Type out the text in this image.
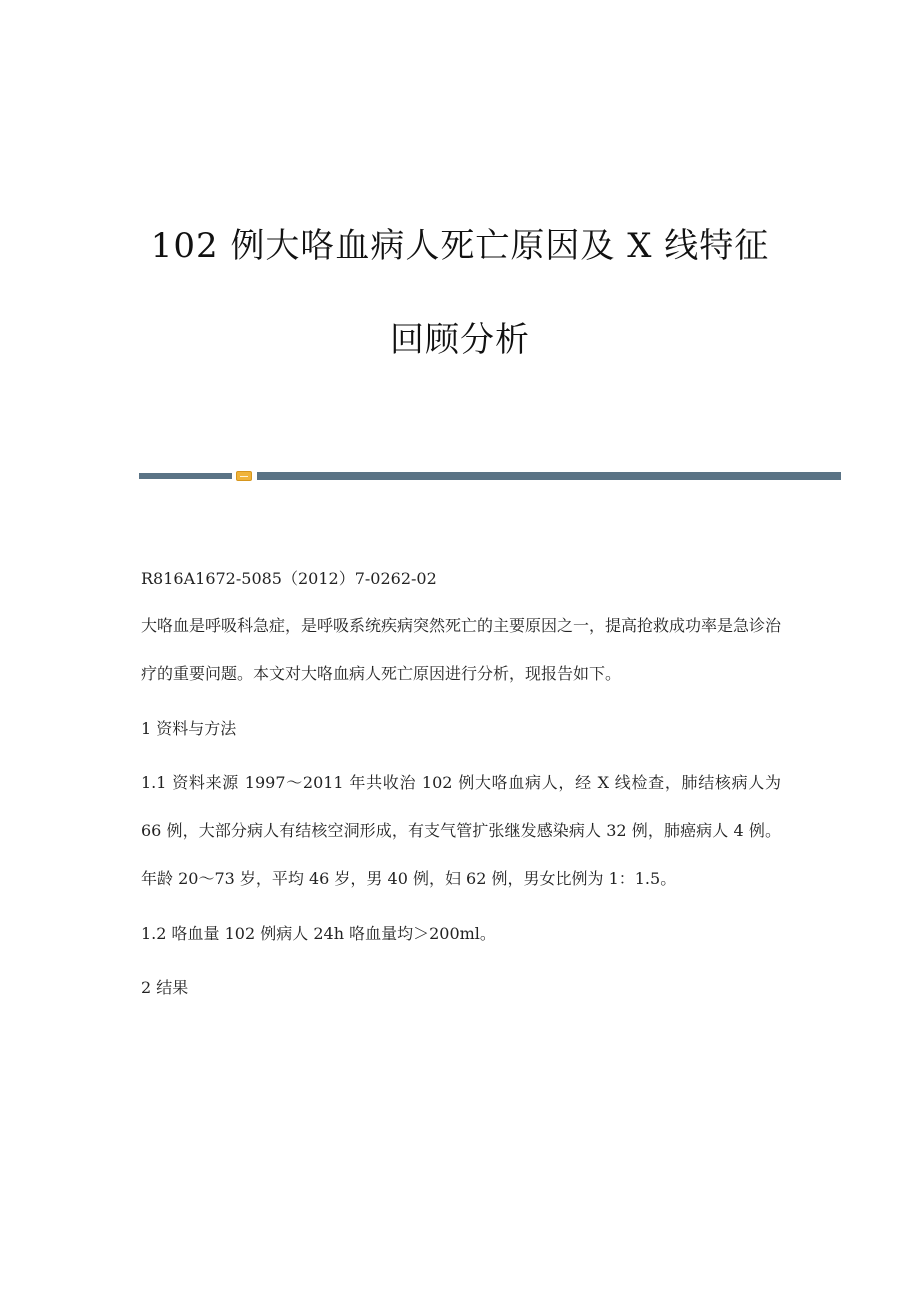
102 例大咯血病人死亡原因及 X 线特征
回顾分析

R816A1672-5085（2012）7-0262-02

大咯血是呼吸科急症，是呼吸系统疾病突然死亡的主要原因之一，提高抢救成功率是急诊治疗的重要问题。本文对大咯血病人死亡原因进行分析，现报告如下。

1 资料与方法

1.1 资料来源 1997～2011 年共收治 102 例大咯血病人，经 X 线检查，肺结核病人为 66 例，大部分病人有结核空洞形成，有支气管扩张继发感染病人 32 例，肺癌病人 4 例。年龄 20～73 岁，平均 46 岁，男 40 例，妇 62 例，男女比例为 1：1.5。

1.2 咯血量 102 例病人 24h 咯血量均＞200ml。

2 结果
